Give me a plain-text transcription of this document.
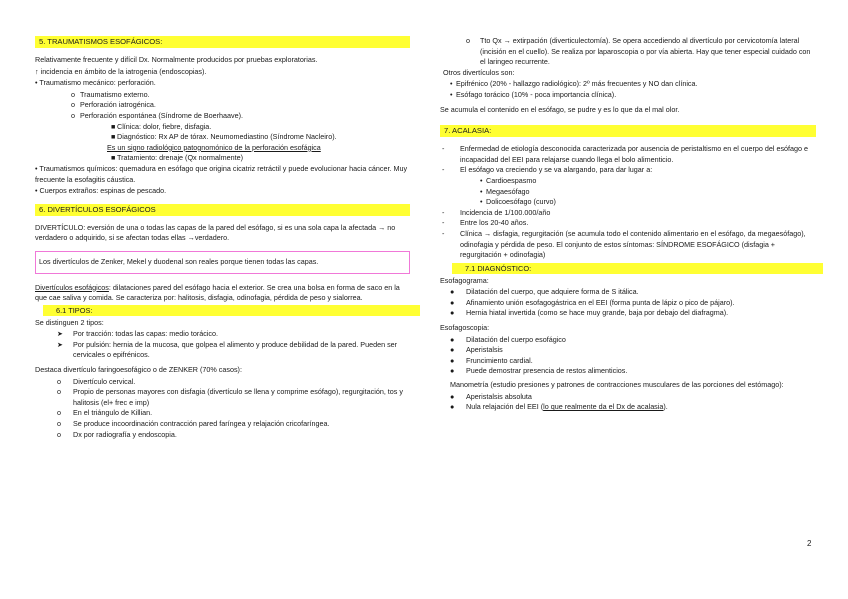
5. TRAUMATISMOS ESOFÁGICOS:
Relativamente frecuente y difícil Dx. Normalmente producidos por pruebas exploratorias.
↑ incidencia en ámbito de la iatrogenia (endoscopias).
• Traumatismo mecánico: perforación.
o Traumatismo externo.
o Perforación iatrogénica.
o Perforación espontánea (Síndrome de Boerhaave).
■ Clínica: dolor, fiebre, disfagia.
■ Diagnóstico: Rx AP de tórax. Neumomediastino (Síndrome Nacleiro).
Es un signo radiológico patognomónico de la perforación esofágica
■ Tratamiento: drenaje (Qx normalmente)
• Traumatismos químicos: quemadura en esófago que origina cicatriz retráctil y puede evolucionar hacia cáncer. Muy frecuente la esofagitis cáustica.
• Cuerpos extraños: espinas de pescado.
6. DIVERTÍCULOS ESOFÁGICOS
DIVERTÍCULO: eversión de una o todas las capas de la pared del esófago, si es una sola capa la afectada → no verdadero o adquirido, si se afectan todas ellas →verdadero.
Los divertículos de Zenker, Mekel y duodenal son reales porque tienen todas las capas.
Divertículos esofágicos: dilataciones pared del esófago hacia el exterior. Se crea una bolsa en forma de saco en la que cae saliva y comida. Se caracteriza por: halitosis, disfagia, odinofagia, pérdida de peso y sialorrea.
6.1 TIPOS:
Se distinguen 2 tipos:
➤ Por tracción: todas las capas: medio torácico.
➤ Por pulsión: hernia de la mucosa, que golpea el alimento y produce debilidad de la pared. Pueden ser cervicales o epifrénicos.
Destaca divertículo faringoesofágico o de ZENKER (70% casos):
o Divertículo cervical.
o Propio de personas mayores con disfagia (divertículo se llena y comprime esófago), regurgitación, tos y halitosis (el+ frec e imp)
o En el triángulo de Killian.
o Se produce incoordinación contracción pared faríngea y relajación cricofaríngea.
o Dx por radiografía y endoscopia.
o Tto Qx → extirpación (diverticulectomía). Se opera accediendo al divertículo por cervicotomía lateral (incisión en el cuello). Se realiza por laparoscopia o por vía abierta. Hay que tener especial cuidado con el laringeo recurrente.
Otros divertículos son:
• Epifrénico (20% - hallazgo radiológico): 2º más frecuentes y NO dan clínica.
• Esófago torácico (10% - poca importancia clínica).
Se acumula el contenido en el esófago, se pudre y es lo que da el mal olor.
7. ACALASIA:
- Enfermedad de etiología desconocida caracterizada por ausencia de peristaltismo en el cuerpo del esófago e incapacidad del EEI para relajarse cuando llega el bolo alimenticio.
- El esófago va creciendo y se va alargando, para dar lugar a:
• Cardioespasmo
• Megaesófago
• Dolicoesófago (curvo)
- Incidencia de 1/100.000/año
- Entre los 20-40 años.
- Clínica → disfagia, regurgitación (se acumula todo el contenido alimentario en el esófago, da megaesófago), odinofagia y pérdida de peso. El conjunto de estos síntomas: SÍNDROME ESOFÁGICO (disfagia + regurgitación + odinofagia)
7.1 DIAGNÓSTICO:
Esofagograma:
● Dilatación del cuerpo, que adquiere forma de S itálica.
● Afinamiento unión esofagogástrica en el EEI (forma punta de lápiz o pico de pájaro).
● Hernia hiatal invertida (como se hace muy grande, baja por debajo del diafragma).
Esofagoscopia:
● Dilatación del cuerpo esofágico
● Aperistalsis
● Fruncimiento cardial.
● Puede demostrar presencia de restos alimenticios.
Manometría (estudio presiones y patrones de contracciones musculares de las porciones del estómago):
● Aperistalsis absoluta
● Nula relajación del EEI (lo que realmente da el Dx de acalasia).
2
